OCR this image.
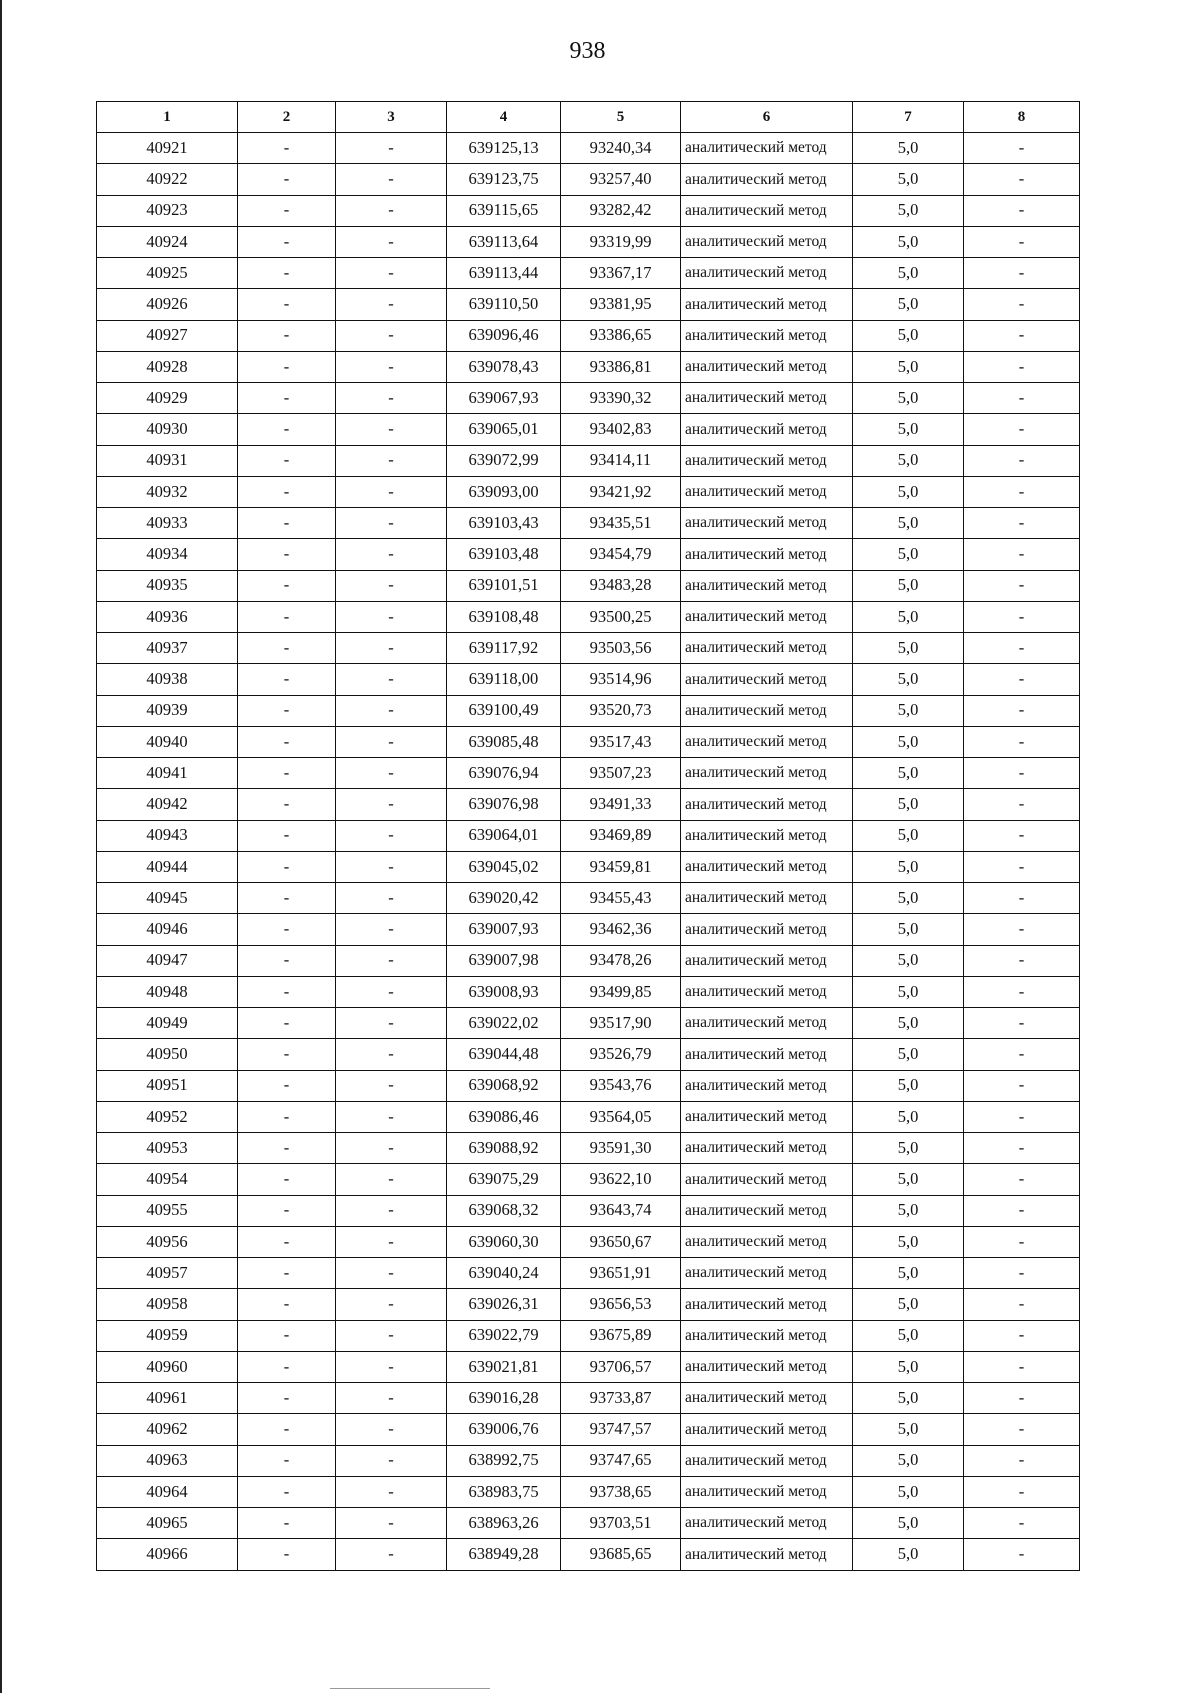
938
1	2	3	4	5	6	7	8
40921	-	-	639125,13	93240,34	аналитический метод	5,0	-
40922	-	-	639123,75	93257,40	аналитический метод	5,0	-
40923	-	-	639115,65	93282,42	аналитический метод	5,0	-
40924	-	-	639113,64	93319,99	аналитический метод	5,0	-
40925	-	-	639113,44	93367,17	аналитический метод	5,0	-
40926	-	-	639110,50	93381,95	аналитический метод	5,0	-
40927	-	-	639096,46	93386,65	аналитический метод	5,0	-
40928	-	-	639078,43	93386,81	аналитический метод	5,0	-
40929	-	-	639067,93	93390,32	аналитический метод	5,0	-
40930	-	-	639065,01	93402,83	аналитический метод	5,0	-
40931	-	-	639072,99	93414,11	аналитический метод	5,0	-
40932	-	-	639093,00	93421,92	аналитический метод	5,0	-
40933	-	-	639103,43	93435,51	аналитический метод	5,0	-
40934	-	-	639103,48	93454,79	аналитический метод	5,0	-
40935	-	-	639101,51	93483,28	аналитический метод	5,0	-
40936	-	-	639108,48	93500,25	аналитический метод	5,0	-
40937	-	-	639117,92	93503,56	аналитический метод	5,0	-
40938	-	-	639118,00	93514,96	аналитический метод	5,0	-
40939	-	-	639100,49	93520,73	аналитический метод	5,0	-
40940	-	-	639085,48	93517,43	аналитический метод	5,0	-
40941	-	-	639076,94	93507,23	аналитический метод	5,0	-
40942	-	-	639076,98	93491,33	аналитический метод	5,0	-
40943	-	-	639064,01	93469,89	аналитический метод	5,0	-
40944	-	-	639045,02	93459,81	аналитический метод	5,0	-
40945	-	-	639020,42	93455,43	аналитический метод	5,0	-
40946	-	-	639007,93	93462,36	аналитический метод	5,0	-
40947	-	-	639007,98	93478,26	аналитический метод	5,0	-
40948	-	-	639008,93	93499,85	аналитический метод	5,0	-
40949	-	-	639022,02	93517,90	аналитический метод	5,0	-
40950	-	-	639044,48	93526,79	аналитический метод	5,0	-
40951	-	-	639068,92	93543,76	аналитический метод	5,0	-
40952	-	-	639086,46	93564,05	аналитический метод	5,0	-
40953	-	-	639088,92	93591,30	аналитический метод	5,0	-
40954	-	-	639075,29	93622,10	аналитический метод	5,0	-
40955	-	-	639068,32	93643,74	аналитический метод	5,0	-
40956	-	-	639060,30	93650,67	аналитический метод	5,0	-
40957	-	-	639040,24	93651,91	аналитический метод	5,0	-
40958	-	-	639026,31	93656,53	аналитический метод	5,0	-
40959	-	-	639022,79	93675,89	аналитический метод	5,0	-
40960	-	-	639021,81	93706,57	аналитический метод	5,0	-
40961	-	-	639016,28	93733,87	аналитический метод	5,0	-
40962	-	-	639006,76	93747,57	аналитический метод	5,0	-
40963	-	-	638992,75	93747,65	аналитический метод	5,0	-
40964	-	-	638983,75	93738,65	аналитический метод	5,0	-
40965	-	-	638963,26	93703,51	аналитический метод	5,0	-
40966	-	-	638949,28	93685,65	аналитический метод	5,0	-
